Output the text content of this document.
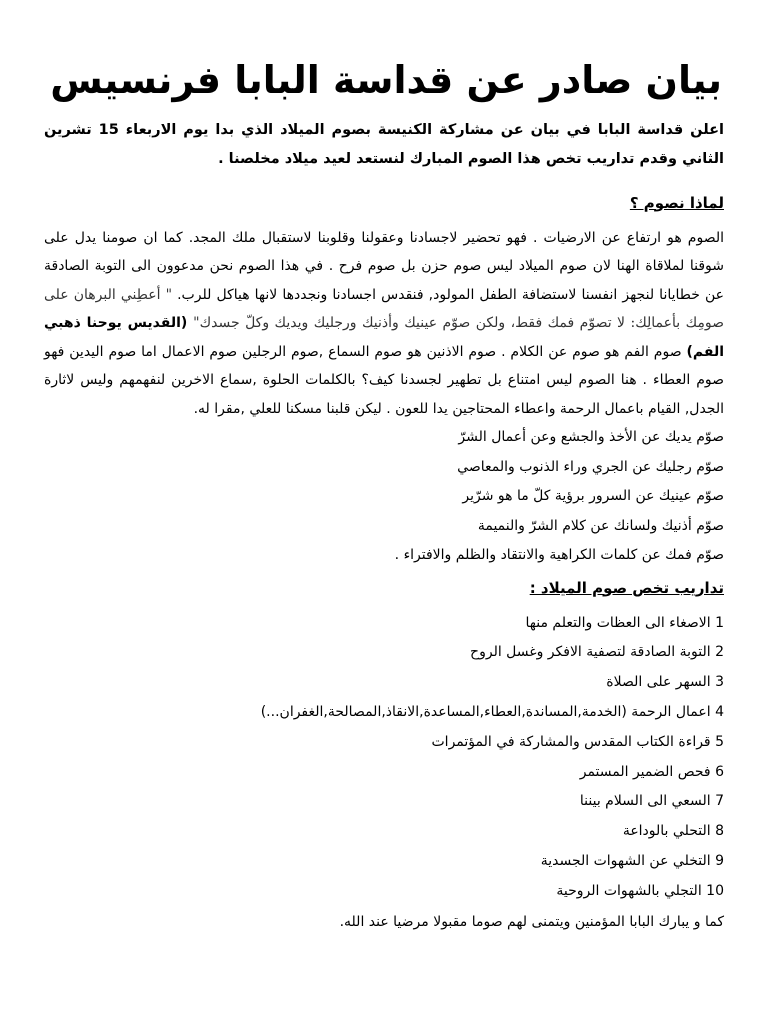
بيان صادر عن قداسة البابا فرنسيس

اعلن قداسة البابا في بيان عن مشاركة الكنيسة بصوم الميلاد الذي بدا يوم الاربعاء 15 تشرين الثاني وقدم تداريب تخص هذا الصوم المبارك لنستعد لعيد ميلاد مخلصنا .

لماذا نصوم ؟

الصوم هو ارتفاع عن الارضيات . فهو تحضير لاجسادنا وعقولنا وقلوبنا لاستقبال ملك المجد. كما ان صومنا يدل على شوقنا لملاقاة الهنا لان صوم الميلاد ليس صوم حزن بل صوم فرح . في هذا الصوم نحن مدعوون الى التوبة الصادقة عن خطايانا لنجهز انفسنا لاستضافة الطفل المولود, فنقدس اجسادنا ونجددها لانها هياكل للرب. " أعطِني البرهان على صومِك بأعمالِك: لا تصوّم فمك فقط، ولكن صوّم عينيك وأذنيك ورجليك ويديك وكلّ جسدك" (القديس يوحنا ذهبي الفم) صوم الفم هو صوم عن الكلام . صوم الاذنين هو صوم السماع ,صوم الرجلين صوم الاعمال اما صوم اليدين فهو صوم العطاء . هنا الصوم ليس امتناع بل تطهير لجسدنا كيف؟ بالكلمات الحلوة ,سماع الاخرين لنفهمهم وليس لاثارة الجدل, القيام باعمال الرحمة واعطاء المحتاجين يدا للعون . ليكن قلبنا مسكنا للعلي ,مقرا له.

صوّم يديك عن الأخذ والجشع وعن أعمال الشرّ

صوّم رجليك عن الجري وراء الذنوب والمعاصي

صوّم عينيك عن السرور برؤية كلّ ما هو شرّير

صوّم أذنيك ولسانك عن كلام الشرّ والنميمة

صوّم فمك عن كلمات الكراهية والانتقاد والظلم والافتراء .

تداريب تخص صوم الميلاد :
1 الاصغاء الى العظات والتعلم منها
2 التوبة الصادقة لتصفية الافكر وغسل الروح
3 السهر على الصلاة
4 اعمال الرحمة (الخدمة,المساندة,العطاء,المساعدة,الانقاذ,المصالحة,الغفران...)
5 قراءة الكتاب المقدس والمشاركة في المؤتمرات
6 فحص الضمير المستمر
7 السعي الى السلام بيننا
8 التحلي بالوداعة
9 التخلي عن الشهوات الجسدية
10 التجلي بالشهوات الروحية

كما و يبارك البابا المؤمنين ويتمنى لهم صوما مقبولا مرضيا عند الله.
